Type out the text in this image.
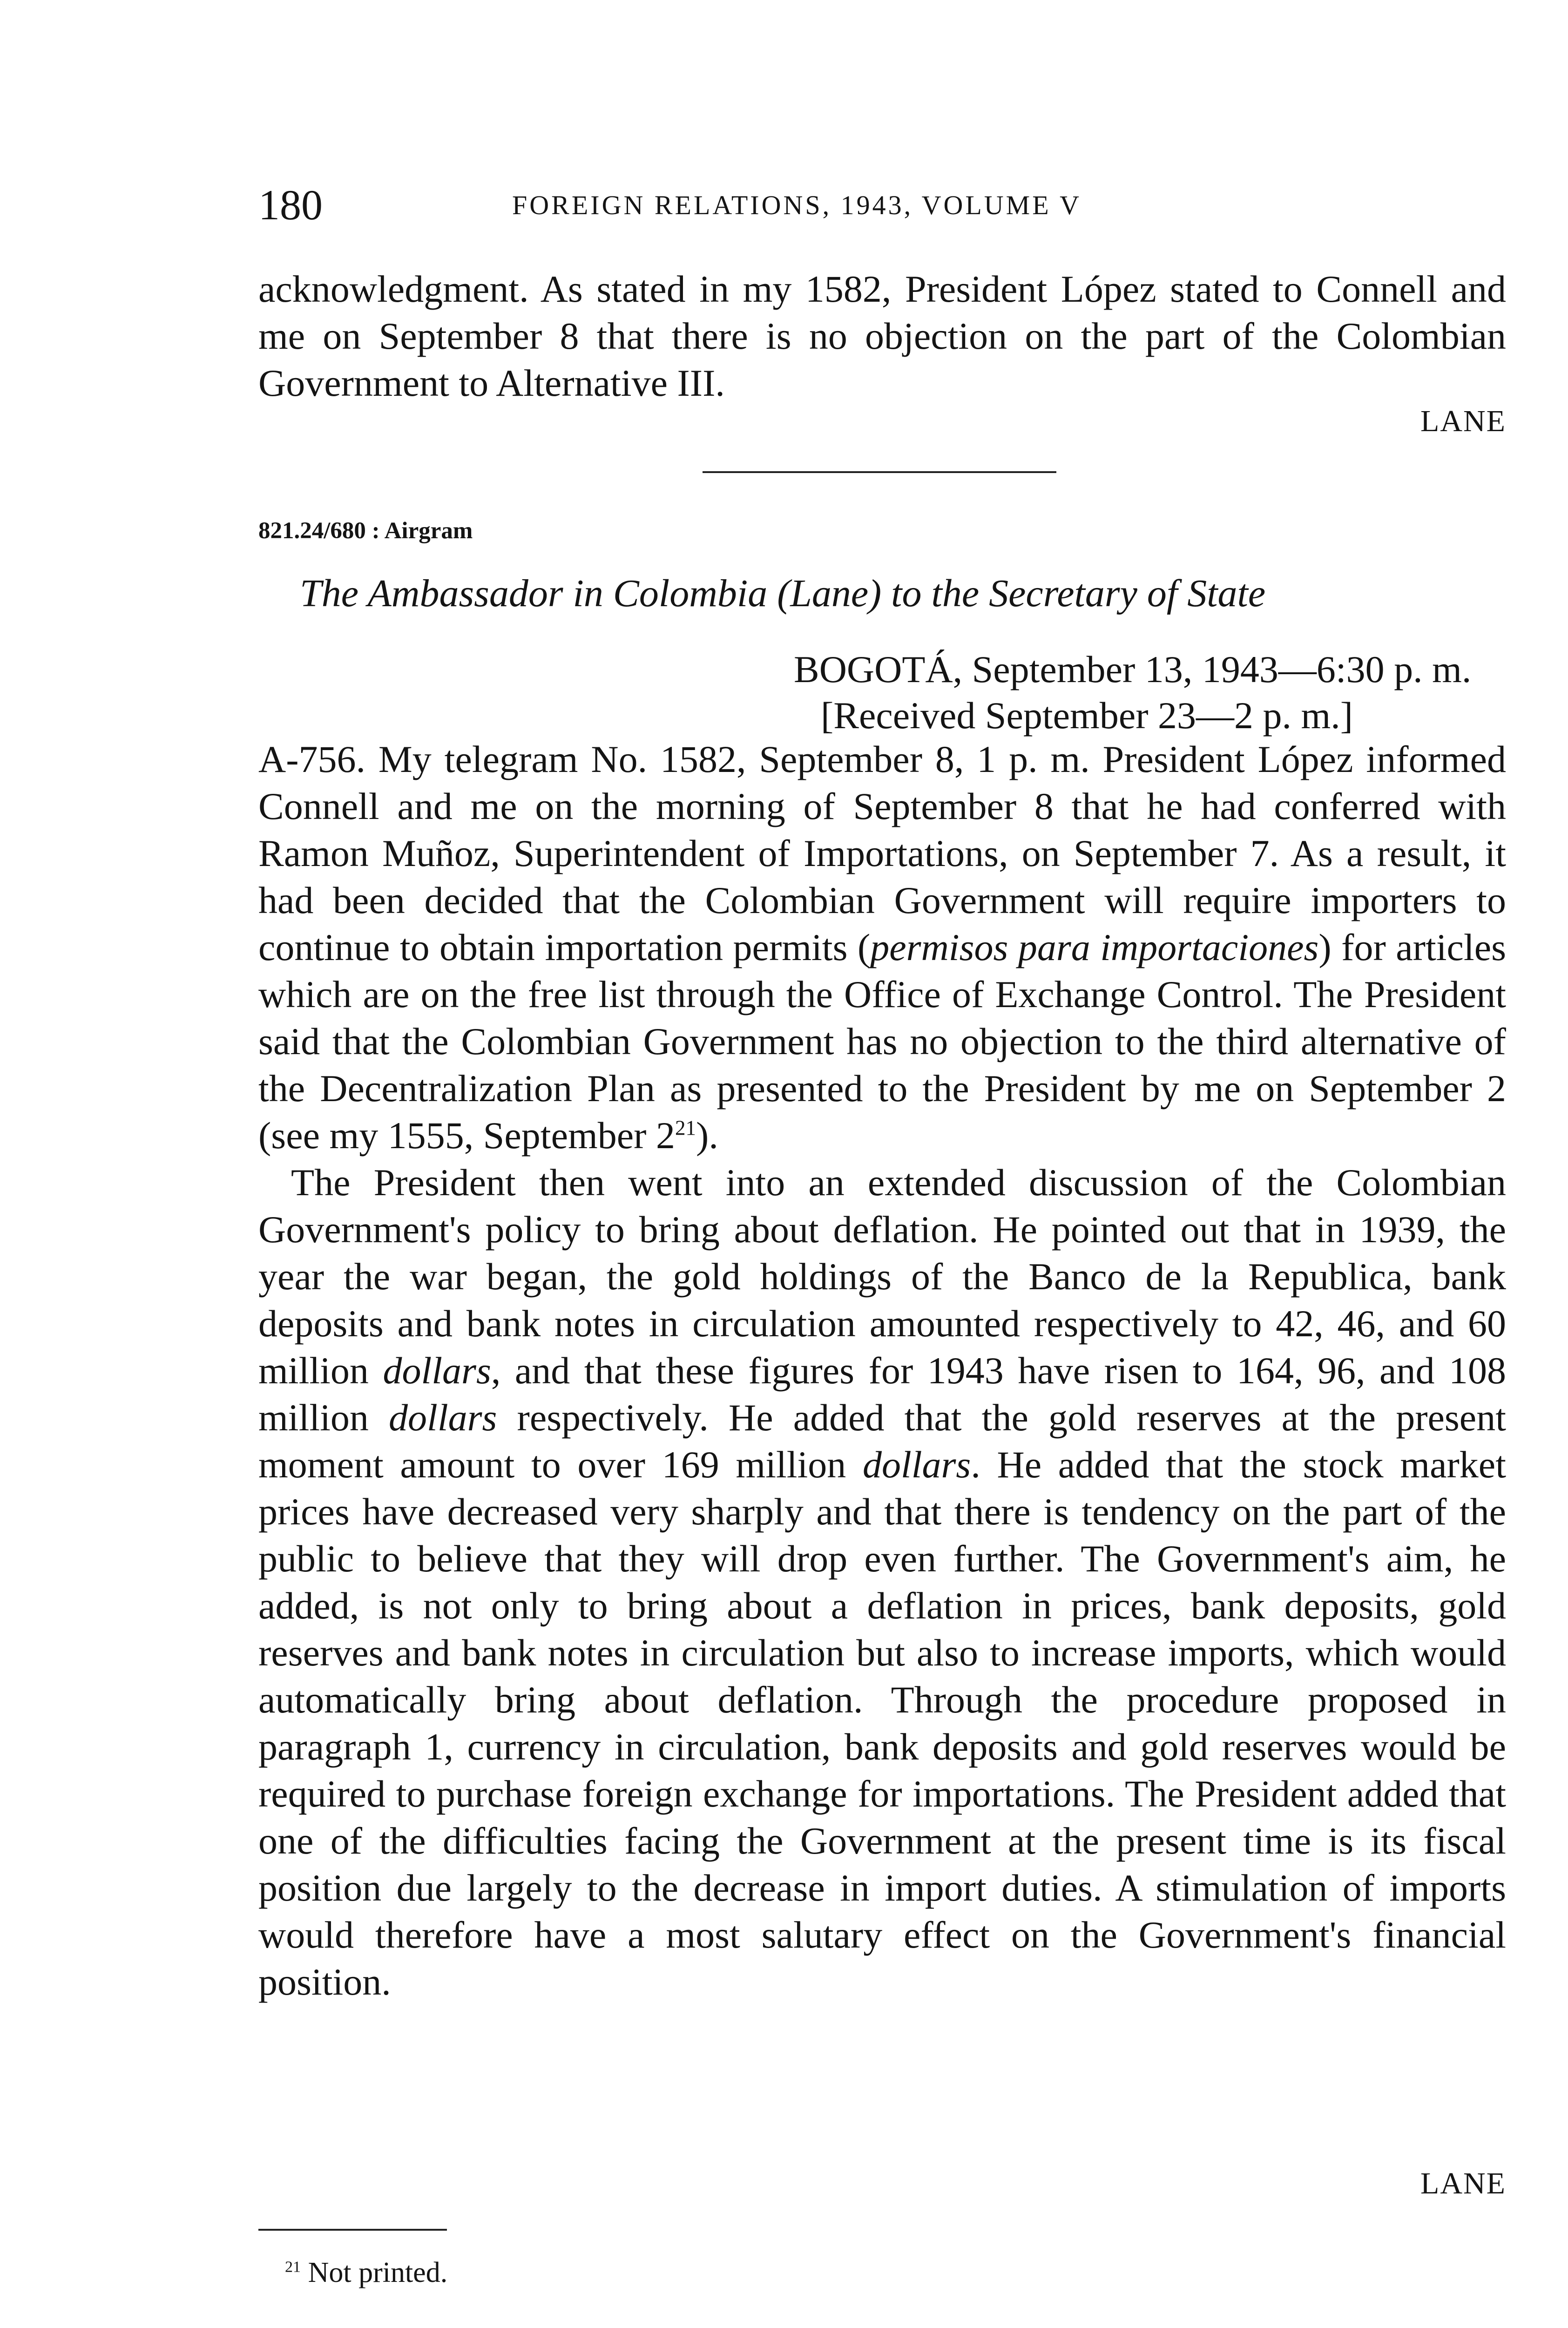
180	FOREIGN RELATIONS, 1943, VOLUME V

acknowledgment. As stated in my 1582, President López stated to Connell and me on September 8 that there is no objection on the part of the Colombian Government to Alternative III.

LANE
821.24/680 : Airgram
The Ambassador in Colombia (Lane) to the Secretary of State
BOGOTÁ, September 13, 1943—6:30 p. m.
[Received September 23—2 p. m.]

A-756. My telegram No. 1582, September 8, 1 p. m. President López informed Connell and me on the morning of September 8 that he had conferred with Ramon Muñoz, Superintendent of Importations, on September 7. As a result, it had been decided that the Colombian Government will require importers to continue to obtain importation permits (permisos para importaciones) for articles which are on the free list through the Office of Exchange Control. The President said that the Colombian Government has no objection to the third alternative of the Decentralization Plan as presented to the President by me on September 2 (see my 1555, September $2^{21}$).

The President then went into an extended discussion of the Colombian Government's policy to bring about deflation. He pointed out that in 1939, the year the war began, the gold holdings of the Banco de la Republica, bank deposits and bank notes in circulation amounted respectively to 42, 46, and 60 million dollars, and that these figures for 1943 have risen to 164, 96, and 108 million dollars respectively. He added that the gold reserves at the present moment amount to over 169 million dollars. He added that the stock market prices have decreased very sharply and that there is tendency on the part of the public to believe that they will drop even further. The Government's aim, he added, is not only to bring about a deflation in prices, bank deposits, gold reserves and bank notes in circulation but also to increase imports, which would automatically bring about deflation. Through the procedure proposed in paragraph 1, currency in circulation, bank deposits and gold reserves would be required to purchase foreign exchange for importations. The President added that one of the difficulties facing the Government at the present time is its fiscal position due largely to the decrease in import duties. A stimulation of imports would therefore have a most salutary effect on the Government's financial position.

LANE
$^{21}$ Not printed.
